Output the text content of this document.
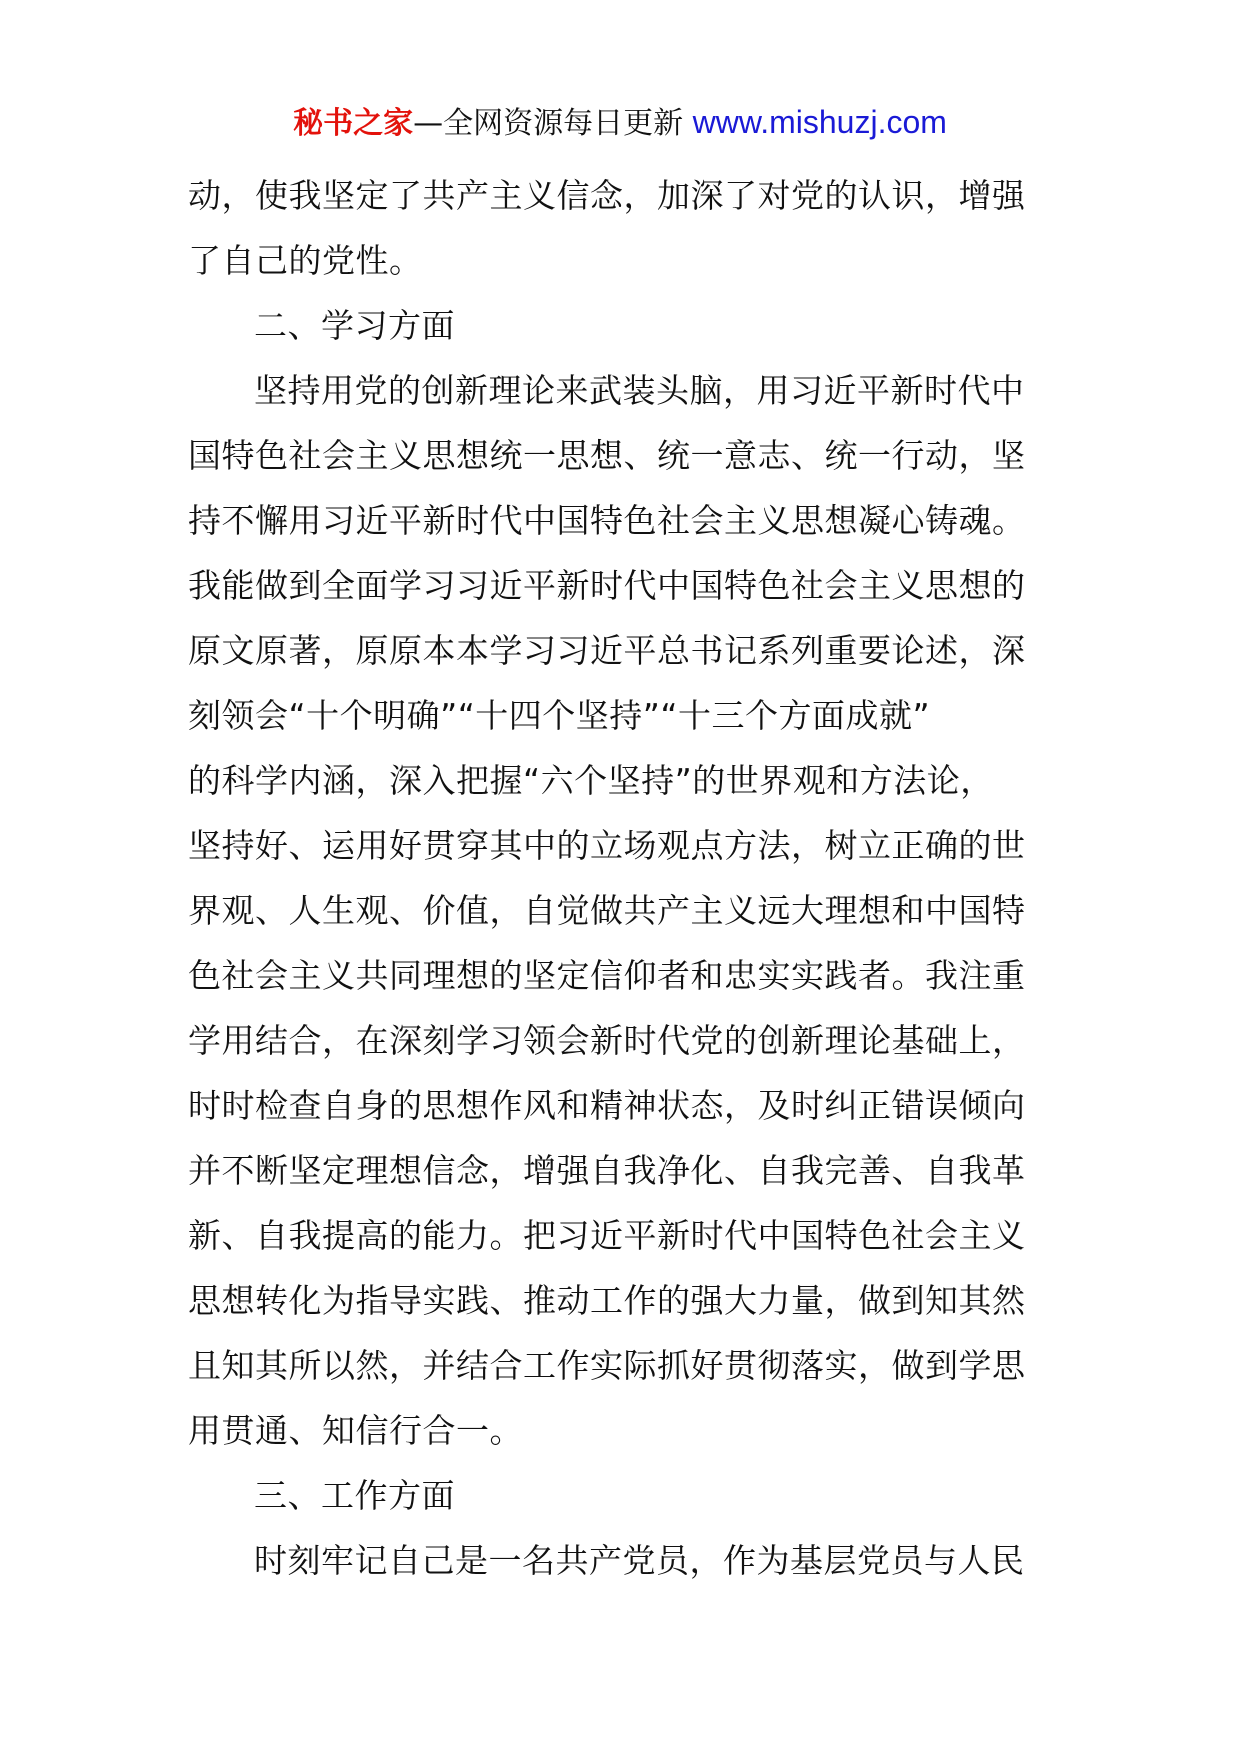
秘书之家—全网资源每日更新 www.mishuzj.com
动，使我坚定了共产主义信念，加深了对党的认识，增强
了自己的党性。
二、学习方面
坚持用党的创新理论来武装头脑，用习近平新时代中
国特色社会主义思想统一思想、统一意志、统一行动，坚
持不懈用习近平新时代中国特色社会主义思想凝心铸魂。
我能做到全面学习习近平新时代中国特色社会主义思想的
原文原著，原原本本学习习近平总书记系列重要论述，深
刻领会“十个明确”“十四个坚持”“十三个方面成就”
的科学内涵，深入把握“六个坚持”的世界观和方法论，
坚持好、运用好贯穿其中的立场观点方法，树立正确的世
界观、人生观、价值，自觉做共产主义远大理想和中国特
色社会主义共同理想的坚定信仰者和忠实实践者。我注重
学用结合，在深刻学习领会新时代党的创新理论基础上，
时时检查自身的思想作风和精神状态，及时纠正错误倾向
并不断坚定理想信念，增强自我净化、自我完善、自我革
新、自我提高的能力。把习近平新时代中国特色社会主义
思想转化为指导实践、推动工作的强大力量，做到知其然
且知其所以然，并结合工作实际抓好贯彻落实，做到学思
用贯通、知信行合一。
三、工作方面
时刻牢记自己是一名共产党员，作为基层党员与人民
